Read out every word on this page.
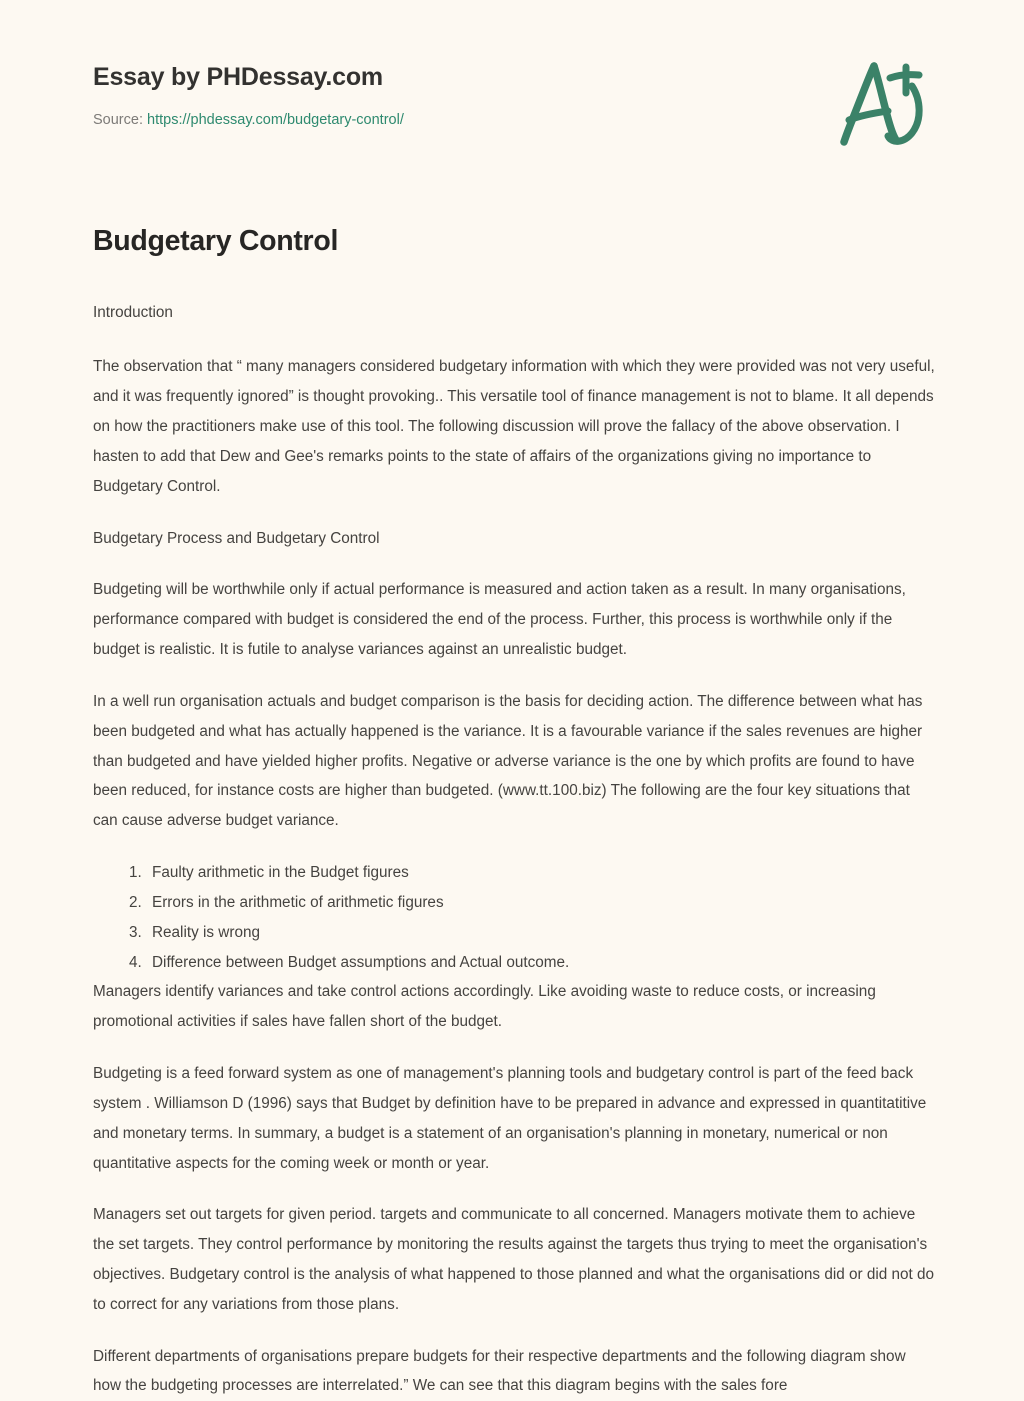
Essay by PHDessay.com
Source: https://phdessay.com/budgetary-control/
Budgetary Control

Introduction

The observation that “ many managers considered budgetary information with which they were provided was not very useful, and it was frequently ignored” is thought provoking.. This versatile tool of finance management is not to blame. It all depends on how the practitioners make use of this tool. The following discussion will prove the fallacy of the above observation. I hasten to add that Dew and Gee's remarks points to the state of affairs of the organizations giving no importance to Budgetary Control.

Budgetary Process and Budgetary Control

Budgeting will be worthwhile only if actual performance is measured and action taken as a result. In many organisations, performance compared with budget is considered the end of the process. Further, this process is worthwhile only if the budget is realistic. It is futile to analyse variances against an unrealistic budget.

In a well run organisation actuals and budget comparison is the basis for deciding action. The difference between what has been budgeted and what has actually happened is the variance. It is a favourable variance if the sales revenues are higher than budgeted and have yielded higher profits. Negative or adverse variance is the one by which profits are found to have been reduced, for instance costs are higher than budgeted. (www.tt.100.biz) The following are the four key situations that can cause adverse budget variance.

1. Faulty arithmetic in the Budget figures
2. Errors in the arithmetic of arithmetic figures
3. Reality is wrong
4. Difference between Budget assumptions and Actual outcome.

Managers identify variances and take control actions accordingly. Like avoiding waste to reduce costs, or increasing promotional activities if sales have fallen short of the budget.

Budgeting is a feed forward system as one of management's planning tools and budgetary control is part of the feed back system . Williamson D (1996) says that Budget by definition have to be prepared in advance and expressed in quantitatitive and monetary terms. In summary, a budget is a statement of an organisation's planning in monetary, numerical or non quantitative aspects for the coming week or month or year.

Managers set out targets for given period. targets and communicate to all concerned. Managers motivate them to achieve the set targets. They control performance by monitoring the results against the targets thus trying to meet the organisation's objectives. Budgetary control is the analysis of what happened to those planned and what the organisations did or did not do to correct for any variations from those plans.

Different departments of organisations prepare budgets for their respective departments and the following diagram show how the budgeting processes are interrelated.” We can see that this diagram begins with the sales fore
